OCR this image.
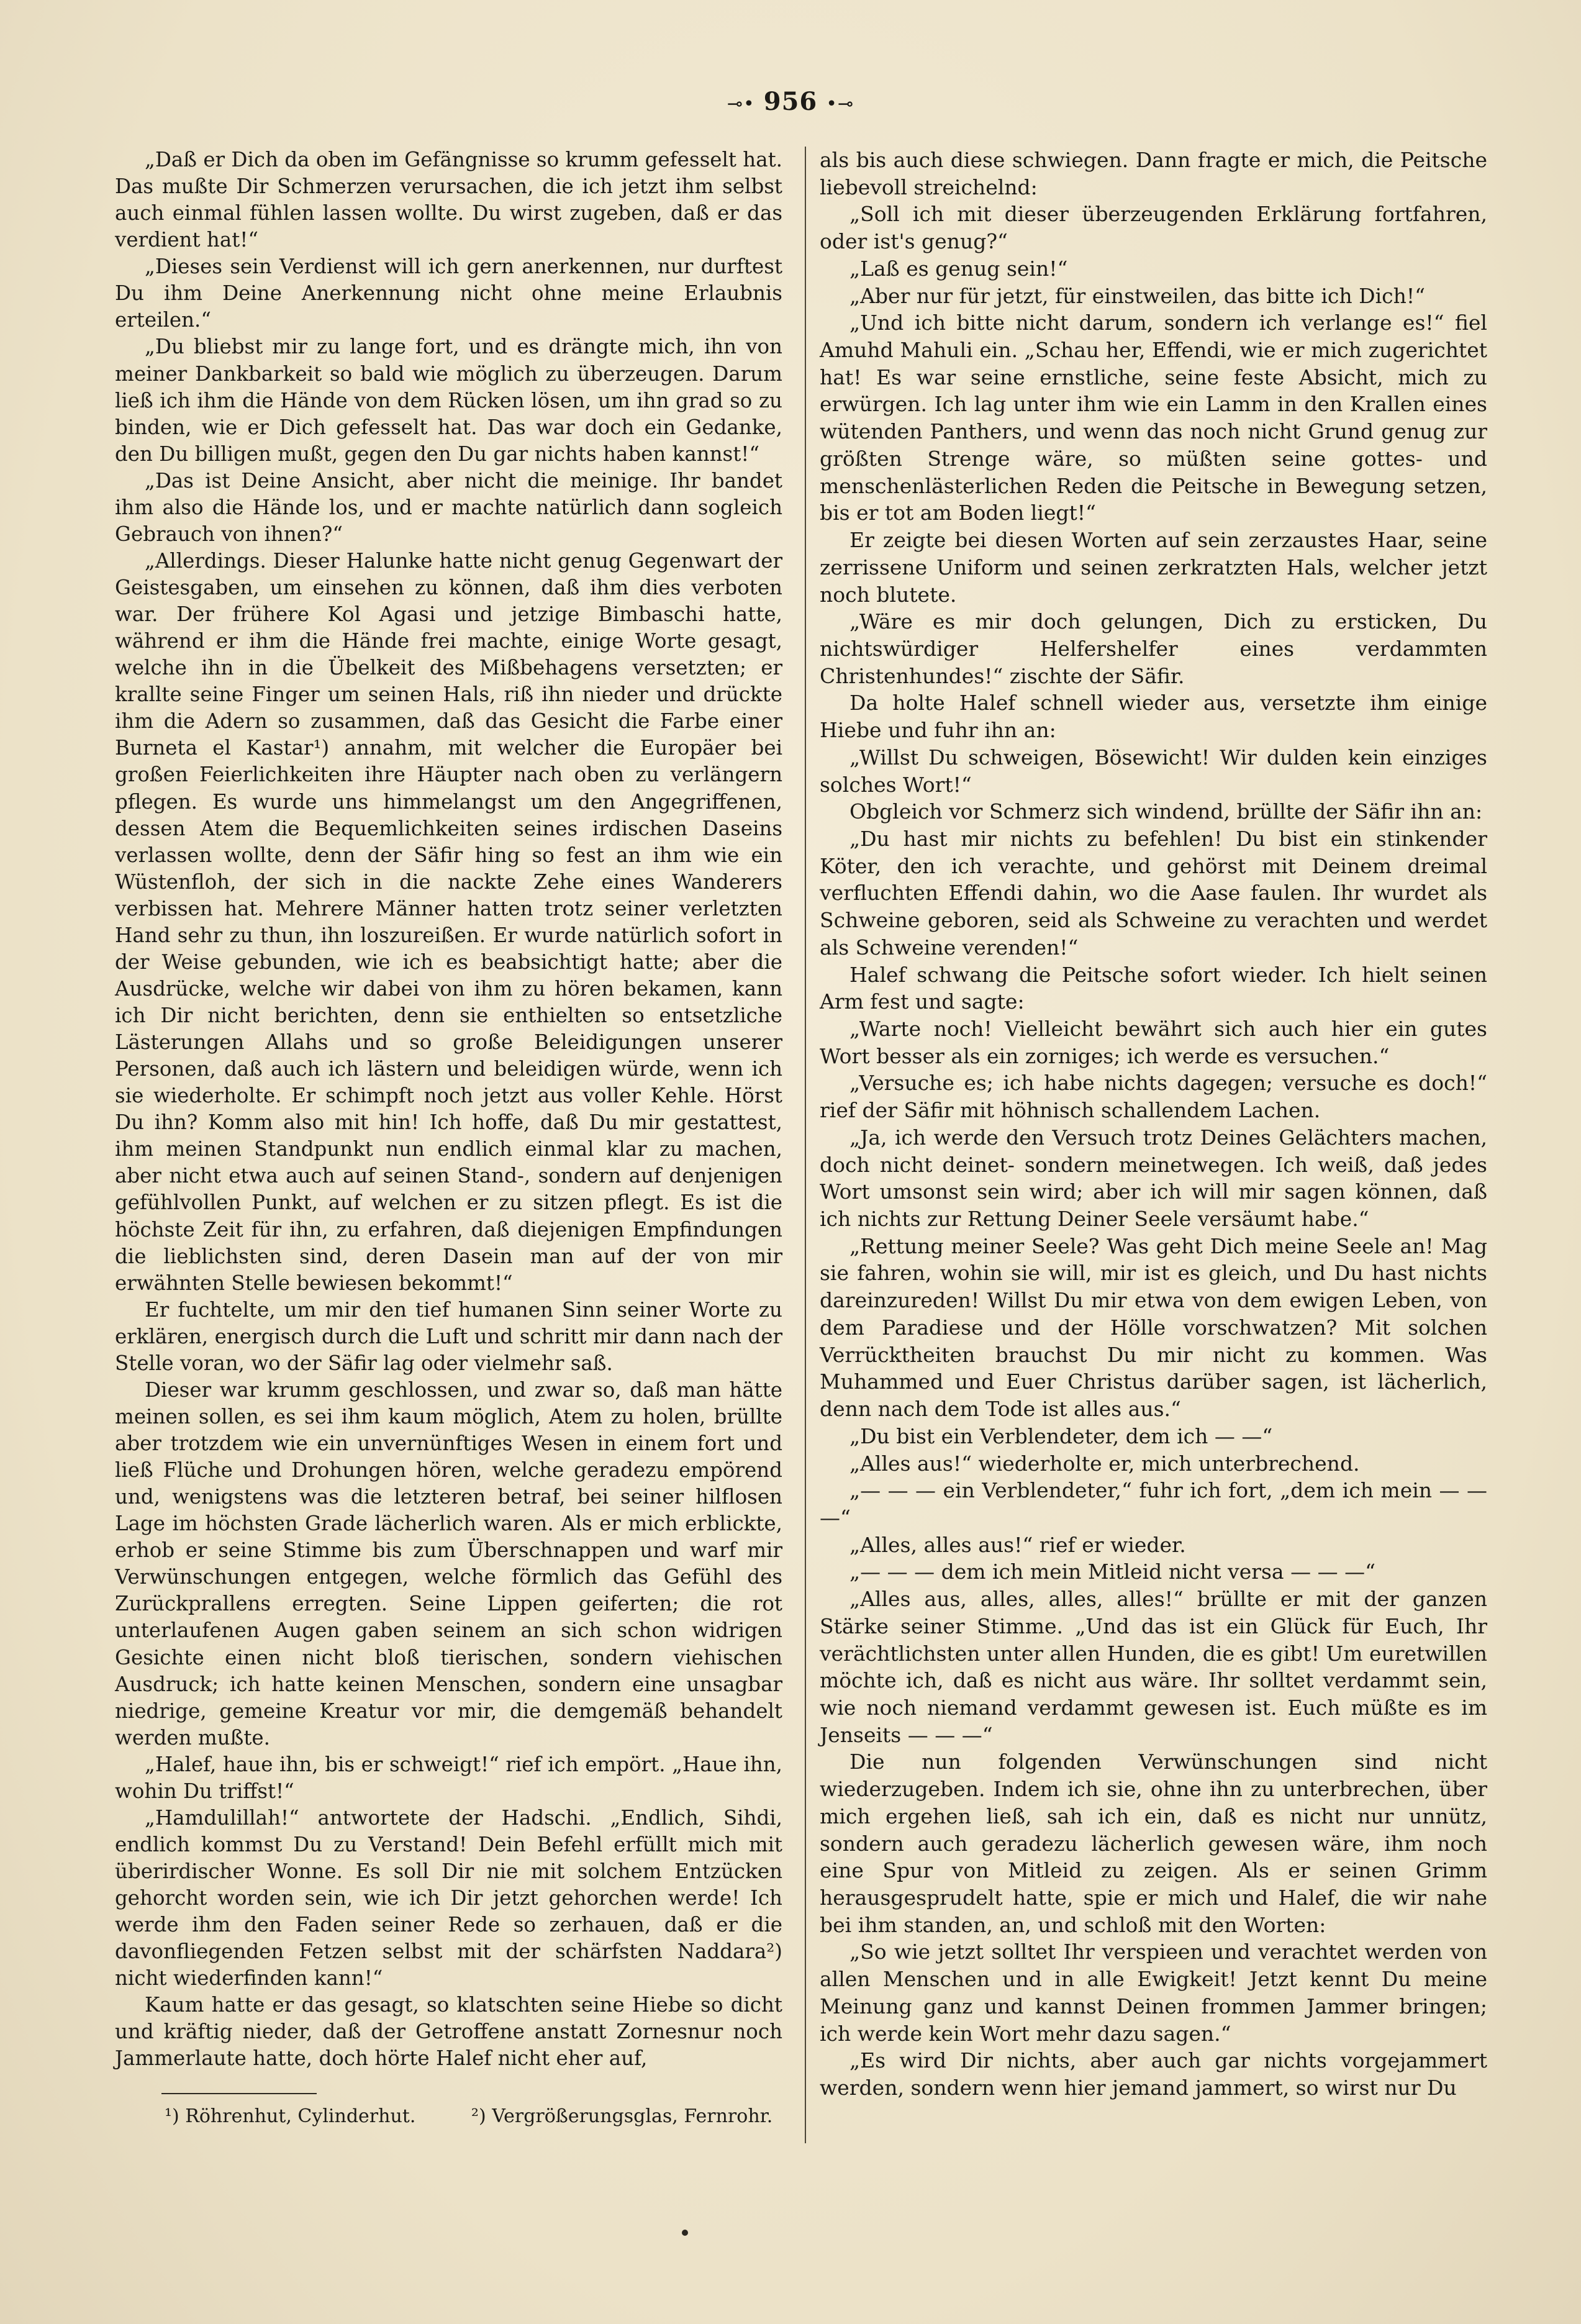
⊸• 956 •⊸

„Daß er Dich da oben im Gefängnisse so krumm gefesselt hat. Das mußte Dir Schmerzen verursachen, die ich jetzt ihm selbst auch einmal fühlen lassen wollte. Du wirst zugeben, daß er das verdient hat!“

„Dieses sein Verdienst will ich gern anerkennen, nur durftest Du ihm Deine Anerkennung nicht ohne meine Erlaubnis erteilen.“

„Du bliebst mir zu lange fort, und es drängte mich, ihn von meiner Dankbarkeit so bald wie möglich zu überzeugen. Darum ließ ich ihm die Hände von dem Rücken lösen, um ihn grad so zu binden, wie er Dich gefesselt hat. Das war doch ein Gedanke, den Du billigen mußt, gegen den Du gar nichts haben kannst!“

„Das ist Deine Ansicht, aber nicht die meinige. Ihr bandet ihm also die Hände los, und er machte natürlich dann sogleich Gebrauch von ihnen?“

„Allerdings. Dieser Halunke hatte nicht genug Gegenwart der Geistesgaben, um einsehen zu können, daß ihm dies verboten war. Der frühere Kol Agasi und jetzige Bimbaschi hatte, während er ihm die Hände frei machte, einige Worte gesagt, welche ihn in die Übelkeit des Mißbehagens versetzten; er krallte seine Finger um seinen Hals, riß ihn nieder und drückte ihm die Adern so zusammen, daß das Gesicht die Farbe einer Burneta el Kastar¹) annahm, mit welcher die Europäer bei großen Feierlichkeiten ihre Häupter nach oben zu verlängern pflegen. Es wurde uns himmelangst um den Angegriffenen, dessen Atem die Bequemlichkeiten seines irdischen Daseins verlassen wollte, denn der Säfir hing so fest an ihm wie ein Wüstenfloh, der sich in die nackte Zehe eines Wanderers verbissen hat. Mehrere Männer hatten trotz seiner verletzten Hand sehr zu thun, ihn loszureißen. Er wurde natürlich sofort in der Weise gebunden, wie ich es beabsichtigt hatte; aber die Ausdrücke, welche wir dabei von ihm zu hören bekamen, kann ich Dir nicht berichten, denn sie enthielten so entsetzliche Lästerungen Allahs und so große Beleidigungen unserer Personen, daß auch ich lästern und beleidigen würde, wenn ich sie wiederholte. Er schimpft noch jetzt aus voller Kehle. Hörst Du ihn? Komm also mit hin! Ich hoffe, daß Du mir gestattest, ihm meinen Standpunkt nun endlich einmal klar zu machen, aber nicht etwa auch auf seinen Stand-, sondern auf denjenigen gefühlvollen Punkt, auf welchen er zu sitzen pflegt. Es ist die höchste Zeit für ihn, zu erfahren, daß diejenigen Empfindungen die lieblichsten sind, deren Dasein man auf der von mir erwähnten Stelle bewiesen bekommt!“

Er fuchtelte, um mir den tief humanen Sinn seiner Worte zu erklären, energisch durch die Luft und schritt mir dann nach der Stelle voran, wo der Säfir lag oder vielmehr saß.

Dieser war krumm geschlossen, und zwar so, daß man hätte meinen sollen, es sei ihm kaum möglich, Atem zu holen, brüllte aber trotzdem wie ein unvernünftiges Wesen in einem fort und ließ Flüche und Drohungen hören, welche geradezu empörend und, wenigstens was die letzteren betraf, bei seiner hilflosen Lage im höchsten Grade lächerlich waren. Als er mich erblickte, erhob er seine Stimme bis zum Überschnappen und warf mir Verwünschungen entgegen, welche förmlich das Gefühl des Zurückprallens erregten. Seine Lippen geiferten; die rot unterlaufenen Augen gaben seinem an sich schon widrigen Gesichte einen nicht bloß tierischen, sondern viehischen Ausdruck; ich hatte keinen Menschen, sondern eine unsagbar niedrige, gemeine Kreatur vor mir, die demgemäß behandelt werden mußte.

„Halef, haue ihn, bis er schweigt!“ rief ich empört. „Haue ihn, wohin Du triffst!“

„Hamdulillah!“ antwortete der Hadschi. „Endlich, Sihdi, endlich kommst Du zu Verstand! Dein Befehl erfüllt mich mit überirdischer Wonne. Es soll Dir nie mit solchem Entzücken gehorcht worden sein, wie ich Dir jetzt gehorchen werde! Ich werde ihm den Faden seiner Rede so zerhauen, daß er die davonfliegenden Fetzen selbst mit der schärfsten Naddara²) nicht wiederfinden kann!“

Kaum hatte er das gesagt, so klatschten seine Hiebe so dicht und kräftig nieder, daß der Getroffene anstatt Zornesnur noch Jammerlaute hatte, doch hörte Halef nicht eher auf,

als bis auch diese schwiegen. Dann fragte er mich, die Peitsche liebevoll streichelnd:

„Soll ich mit dieser überzeugenden Erklärung fortfahren, oder ist's genug?“

„Laß es genug sein!“

„Aber nur für jetzt, für einstweilen, das bitte ich Dich!“

„Und ich bitte nicht darum, sondern ich verlange es!“ fiel Amuhd Mahuli ein. „Schau her, Effendi, wie er mich zugerichtet hat! Es war seine ernstliche, seine feste Absicht, mich zu erwürgen. Ich lag unter ihm wie ein Lamm in den Krallen eines wütenden Panthers, und wenn das noch nicht Grund genug zur größten Strenge wäre, so müßten seine gottes- und menschenlästerlichen Reden die Peitsche in Bewegung setzen, bis er tot am Boden liegt!“

Er zeigte bei diesen Worten auf sein zerzaustes Haar, seine zerrissene Uniform und seinen zerkratzten Hals, welcher jetzt noch blutete.

„Wäre es mir doch gelungen, Dich zu ersticken, Du nichtswürdiger Helfershelfer eines verdammten Christenhundes!“ zischte der Säfir.

Da holte Halef schnell wieder aus, versetzte ihm einige Hiebe und fuhr ihn an:

„Willst Du schweigen, Bösewicht! Wir dulden kein einziges solches Wort!“

Obgleich vor Schmerz sich windend, brüllte der Säfir ihn an:

„Du hast mir nichts zu befehlen! Du bist ein stinkender Köter, den ich verachte, und gehörst mit Deinem dreimal verfluchten Effendi dahin, wo die Aase faulen. Ihr wurdet als Schweine geboren, seid als Schweine zu verachten und werdet als Schweine verenden!“

Halef schwang die Peitsche sofort wieder. Ich hielt seinen Arm fest und sagte:

„Warte noch! Vielleicht bewährt sich auch hier ein gutes Wort besser als ein zorniges; ich werde es versuchen.“

„Versuche es; ich habe nichts dagegen; versuche es doch!“ rief der Säfir mit höhnisch schallendem Lachen.

„Ja, ich werde den Versuch trotz Deines Gelächters machen, doch nicht deinet- sondern meinetwegen. Ich weiß, daß jedes Wort umsonst sein wird; aber ich will mir sagen können, daß ich nichts zur Rettung Deiner Seele versäumt habe.“

„Rettung meiner Seele? Was geht Dich meine Seele an! Mag sie fahren, wohin sie will, mir ist es gleich, und Du hast nichts dareinzureden! Willst Du mir etwa von dem ewigen Leben, von dem Paradiese und der Hölle vorschwatzen? Mit solchen Verrücktheiten brauchst Du mir nicht zu kommen. Was Muhammed und Euer Christus darüber sagen, ist lächerlich, denn nach dem Tode ist alles aus.“

„Du bist ein Verblendeter, dem ich — —“

„Alles aus!“ wiederholte er, mich unterbrechend.

„— — — ein Verblendeter,“ fuhr ich fort, „dem ich mein — — —“

„Alles, alles aus!“ rief er wieder.

„— — — dem ich mein Mitleid nicht versa — — —“

„Alles aus, alles, alles, alles!“ brüllte er mit der ganzen Stärke seiner Stimme. „Und das ist ein Glück für Euch, Ihr verächtlichsten unter allen Hunden, die es gibt! Um euretwillen möchte ich, daß es nicht aus wäre. Ihr solltet verdammt sein, wie noch niemand verdammt gewesen ist. Euch müßte es im Jenseits — — —“

Die nun folgenden Verwünschungen sind nicht wiederzugeben. Indem ich sie, ohne ihn zu unterbrechen, über mich ergehen ließ, sah ich ein, daß es nicht nur unnütz, sondern auch geradezu lächerlich gewesen wäre, ihm noch eine Spur von Mitleid zu zeigen. Als er seinen Grimm herausgesprudelt hatte, spie er mich und Halef, die wir nahe bei ihm standen, an, und schloß mit den Worten:

„So wie jetzt solltet Ihr verspieen und verachtet werden von allen Menschen und in alle Ewigkeit! Jetzt kennt Du meine Meinung ganz und kannst Deinen frommen Jammer bringen; ich werde kein Wort mehr dazu sagen.“

„Es wird Dir nichts, aber auch gar nichts vorgejammert werden, sondern wenn hier jemand jammert, so wirst nur Du

¹) Röhrenhut, Cylinderhut.	²) Vergrößerungsglas, Fernrohr.
